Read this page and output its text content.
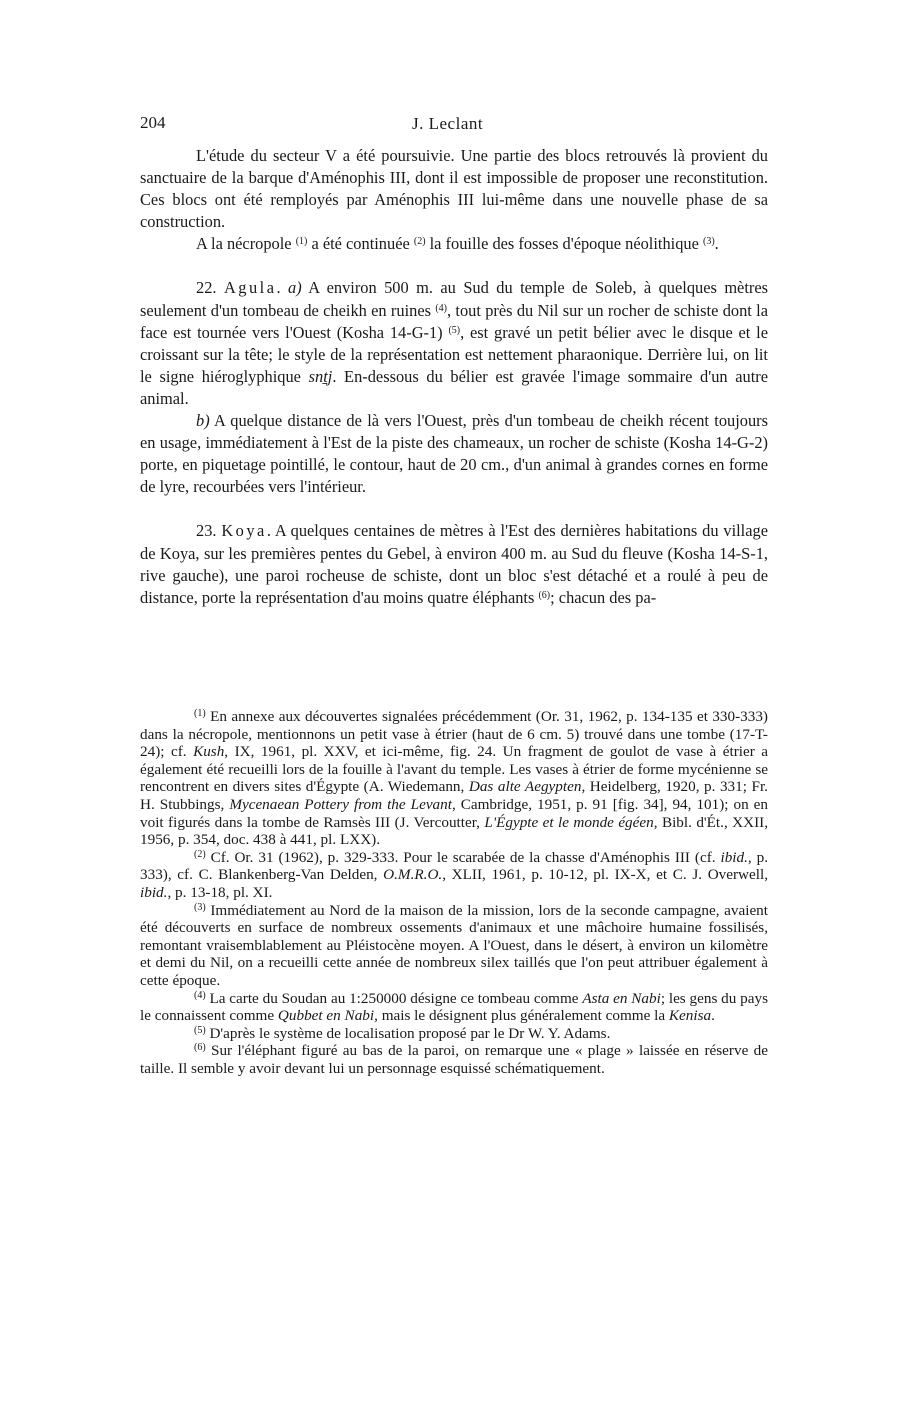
204	J. Leclant

L'étude du secteur V a été poursuivie. Une partie des blocs retrouvés là provient du sanctuaire de la barque d'Aménophis III, dont il est impossible de proposer une reconstitution. Ces blocs ont été remployés par Aménophis III lui-même dans une nouvelle phase de sa construction.

A la nécropole $^{(1)}$ a été continuée $^{(2)}$ la fouille des fosses d'époque néolithique $^{(3)}$.

22. Agula. a) A environ 500 m. au Sud du temple de Soleb, à quelques mètres seulement d'un tombeau de cheikh en ruines $^{(4)}$, tout près du Nil sur un rocher de schiste dont la face est tournée vers l'Ouest (Kosha 14-G-1) $^{(5)}$, est gravé un petit bélier avec le disque et le croissant sur la tête; le style de la représentation est nettement pharaonique. Derrière lui, on lit le signe hiéroglyphique snṯj. En-dessous du bélier est gravée l'image sommaire d'un autre animal.

b) A quelque distance de là vers l'Ouest, près d'un tombeau de cheikh récent toujours en usage, immédiatement à l'Est de la piste des chameaux, un rocher de schiste (Kosha 14-G-2) porte, en piquetage pointillé, le contour, haut de 20 cm., d'un animal à grandes cornes en forme de lyre, recourbées vers l'intérieur.

23. Koya. A quelques centaines de mètres à l'Est des dernières habitations du village de Koya, sur les premières pentes du Gebel, à environ 400 m. au Sud du fleuve (Kosha 14-S-1, rive gauche), une paroi rocheuse de schiste, dont un bloc s'est détaché et a roulé à peu de distance, porte la représentation d'au moins quatre éléphants $^{(6)}$; chacun des pa-

$^{(1)}$ En annexe aux découvertes signalées précédemment (Or. 31, 1962, p. 134-135 et 330-333) dans la nécropole, mentionnons un petit vase à étrier (haut de 6 cm. 5) trouvé dans une tombe (17-T-24); cf. Kush, IX, 1961, pl. XXV, et ici-même, fig. 24. Un fragment de goulot de vase à étrier a également été recueilli lors de la fouille à l'avant du temple. Les vases à étrier de forme mycénienne se rencontrent en divers sites d'Égypte (A. Wiedemann, Das alte Aegypten, Heidelberg, 1920, p. 331; Fr. H. Stubbings, Mycenaean Pottery from the Levant, Cambridge, 1951, p. 91 [fig. 34], 94, 101); on en voit figurés dans la tombe de Ramsès III (J. Vercoutter, L'Égypte et le monde égéen, Bibl. d'Ét., XXII, 1956, p. 354, doc. 438 à 441, pl. LXX).

$^{(2)}$ Cf. Or. 31 (1962), p. 329-333. Pour le scarabée de la chasse d'Aménophis III (cf. ibid., p. 333), cf. C. Blankenberg-Van Delden, O.M.R.O., XLII, 1961, p. 10-12, pl. IX-X, et C. J. Overwell, ibid., p. 13-18, pl. XI.

$^{(3)}$ Immédiatement au Nord de la maison de la mission, lors de la seconde campagne, avaient été découverts en surface de nombreux ossements d'animaux et une mâchoire humaine fossilisés, remontant vraisemblablement au Pléistocène moyen. A l'Ouest, dans le désert, à environ un kilomètre et demi du Nil, on a recueilli cette année de nombreux silex taillés que l'on peut attribuer également à cette époque.

$^{(4)}$ La carte du Soudan au 1:250000 désigne ce tombeau comme Asta en Nabi; les gens du pays le connaissent comme Qubbet en Nabi, mais le désignent plus généralement comme la Kenisa.

$^{(5)}$ D'après le système de localisation proposé par le Dr W. Y. Adams.

$^{(6)}$ Sur l'éléphant figuré au bas de la paroi, on remarque une « plage » laissée en réserve de taille. Il semble y avoir devant lui un personnage esquissé schématiquement.
